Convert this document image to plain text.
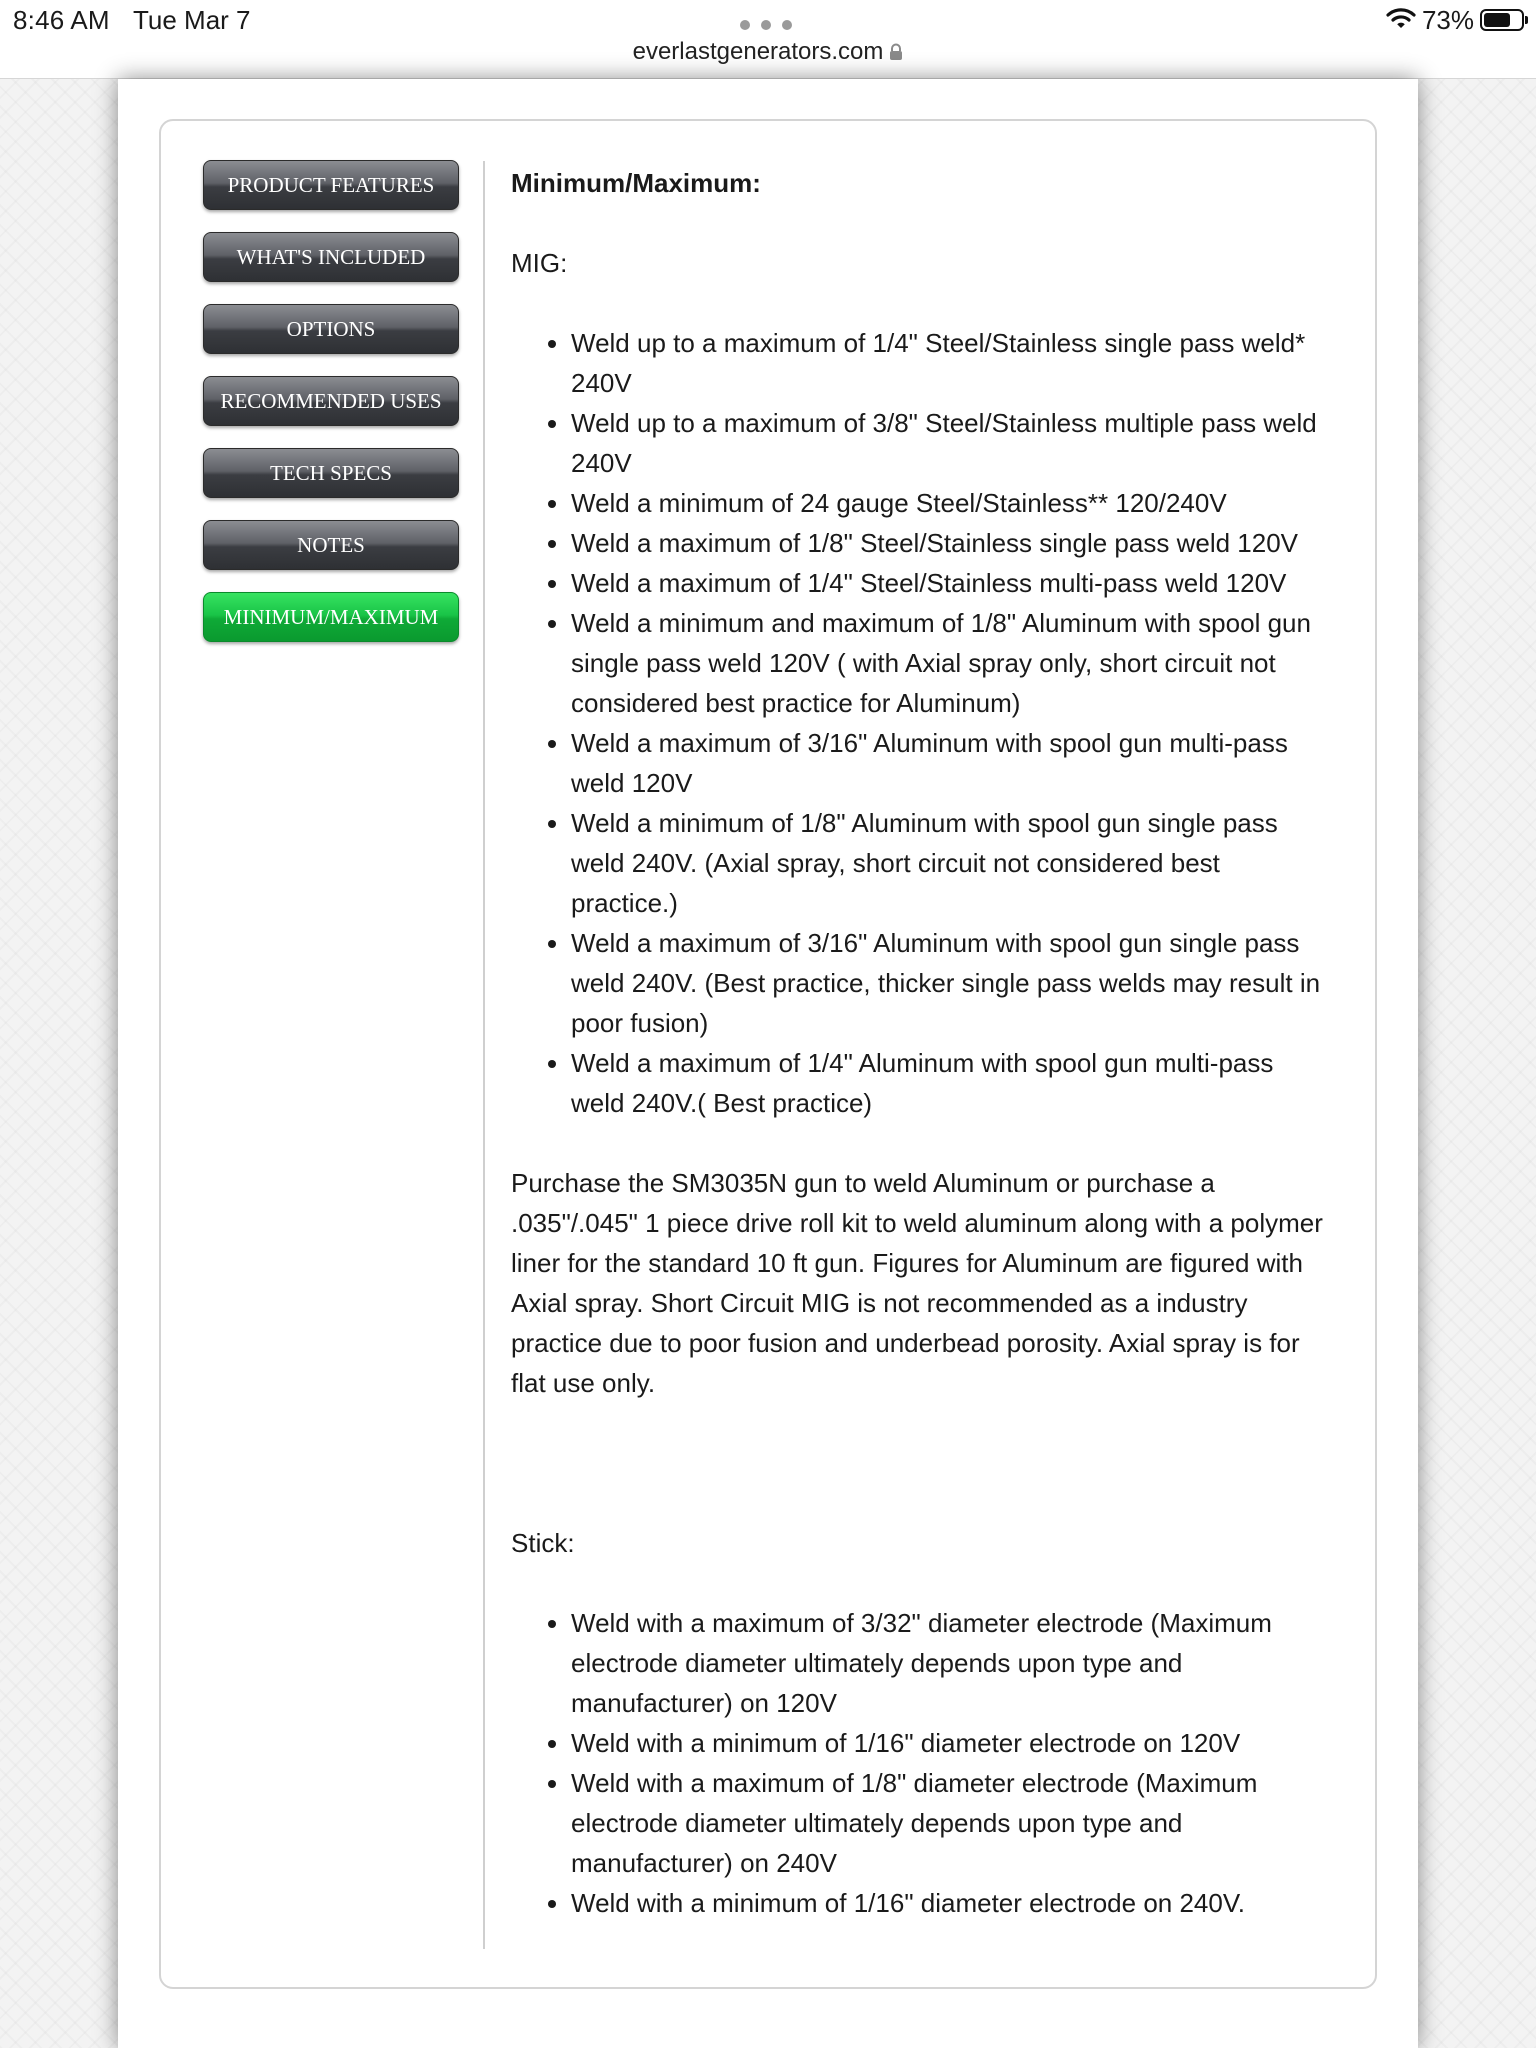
8:46 AM Tue Mar 7
everlastgenerators.com
73%
PRODUCT FEATURES
WHAT'S INCLUDED
OPTIONS
RECOMMENDED USES
TECH SPECS
NOTES
MINIMUM/MAXIMUM
Minimum/Maximum:

MIG:

• Weld up to a maximum of 1/4" Steel/Stainless single pass weld* 240V
• Weld up to a maximum of 3/8" Steel/Stainless multiple pass weld 240V
• Weld a minimum of 24 gauge Steel/Stainless** 120/240V
• Weld a maximum of 1/8" Steel/Stainless single pass weld 120V
• Weld a maximum of 1/4" Steel/Stainless multi-pass weld 120V
• Weld a minimum and maximum of 1/8" Aluminum with spool gun single pass weld 120V ( with Axial spray only, short circuit not considered best practice for Aluminum)
• Weld a maximum of 3/16" Aluminum with spool gun multi-pass weld 120V
• Weld a minimum of 1/8" Aluminum with spool gun single pass weld 240V. (Axial spray, short circuit not considered best practice.)
• Weld a maximum of 3/16" Aluminum with spool gun single pass weld 240V. (Best practice, thicker single pass welds may result in poor fusion)
• Weld a maximum of 1/4" Aluminum with spool gun multi-pass weld 240V.( Best practice)

Purchase the SM3035N gun to weld Aluminum or purchase a .035"/.045" 1 piece drive roll kit to weld aluminum along with a polymer liner for the standard 10 ft gun. Figures for Aluminum are figured with Axial spray. Short Circuit MIG is not recommended as a industry practice due to poor fusion and underbead porosity. Axial spray is for flat use only.

Stick:

• Weld with a maximum of 3/32" diameter electrode (Maximum electrode diameter ultimately depends upon type and manufacturer) on 120V
• Weld with a minimum of 1/16" diameter electrode on 120V
• Weld with a maximum of 1/8" diameter electrode (Maximum electrode diameter ultimately depends upon type and manufacturer) on 240V
• Weld with a minimum of 1/16" diameter electrode on 240V.
